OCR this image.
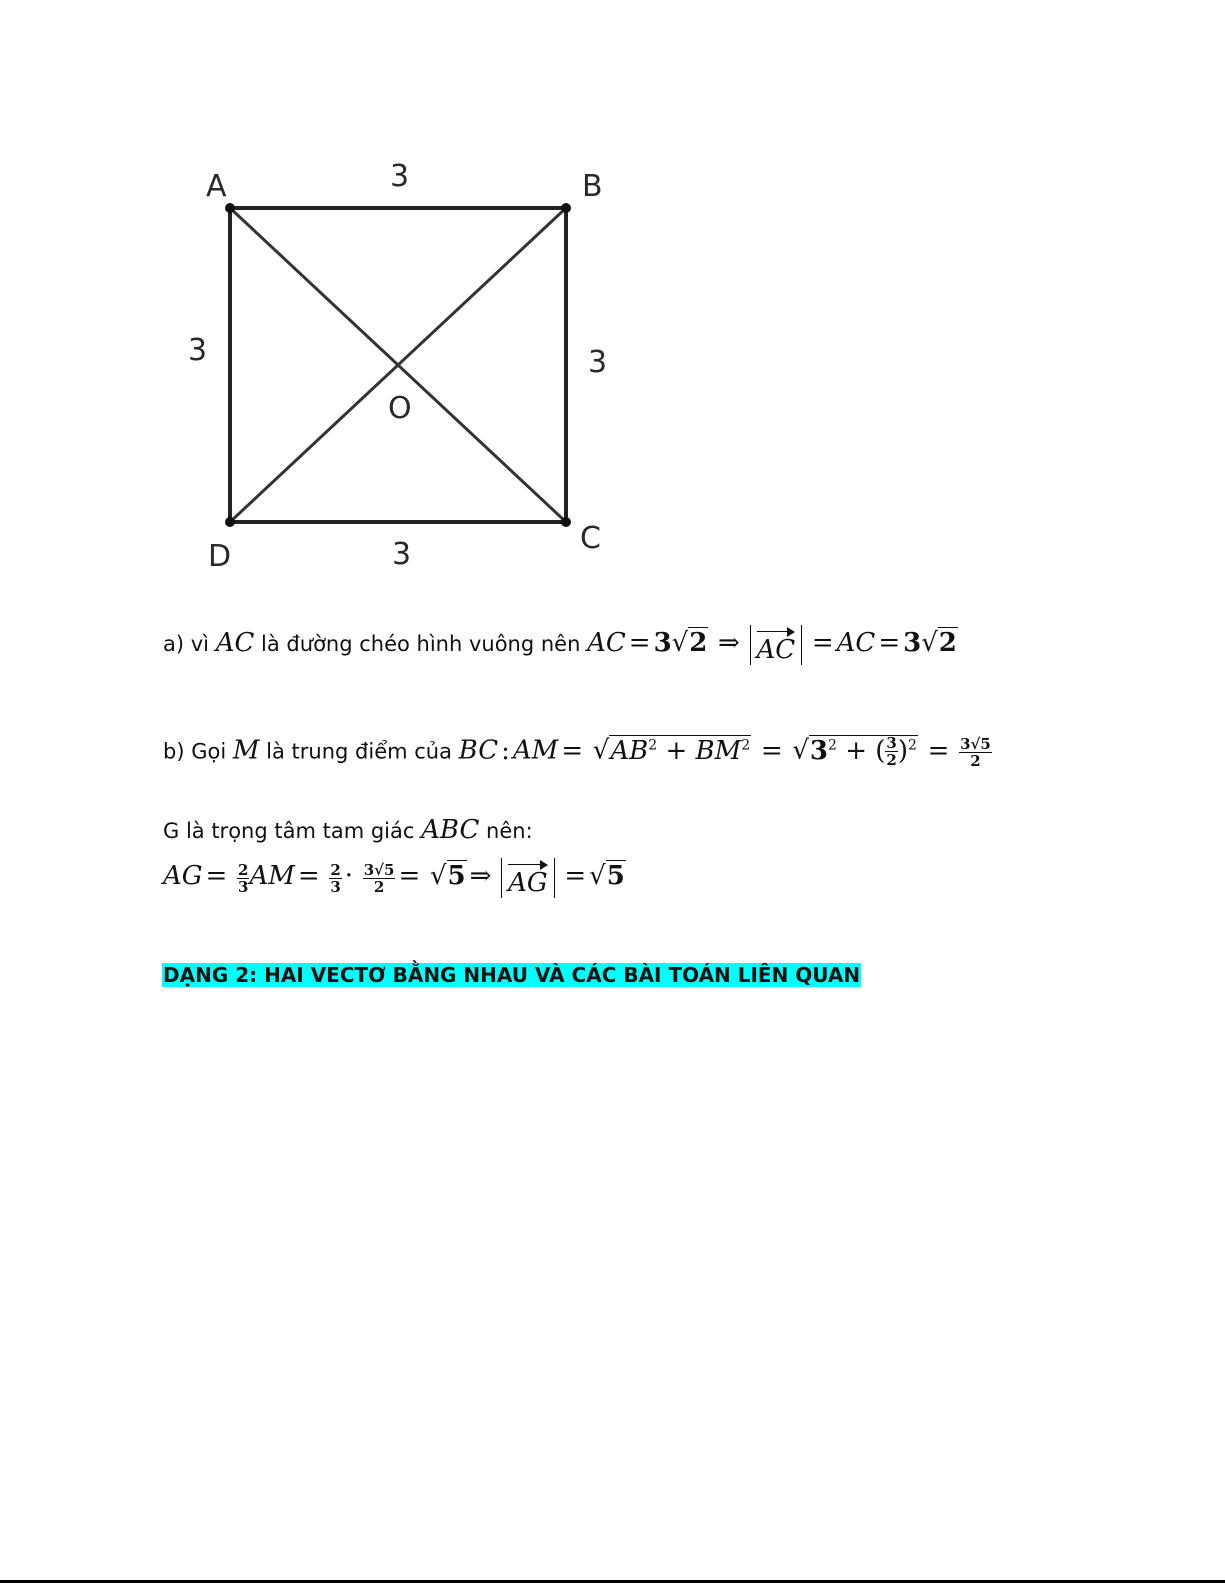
A	B
C
D
O
3
3	3
3
a) vì AC là đường chéo hình vuông nên AC = 3√2 ⇒ AC = AC = 3√2
b) Gọi M là trung điểm của BC : AM = $√AB^2 + BM^2 = √3^2$ + ( $\frac{3}{2} )^2 = \frac{3√5}{2}$
G là trọng tâm tam giác ABC nên:
AG = $\frac{2}{3}$ AM = $\frac{2}{3} \cdot \frac{3√5}{2} = √5$ ⇒ AG = √5
DẠNG 2: HAI VECTƠ BẰNG NHAU VÀ CÁC BÀI TOÁN LIÊN QUAN
